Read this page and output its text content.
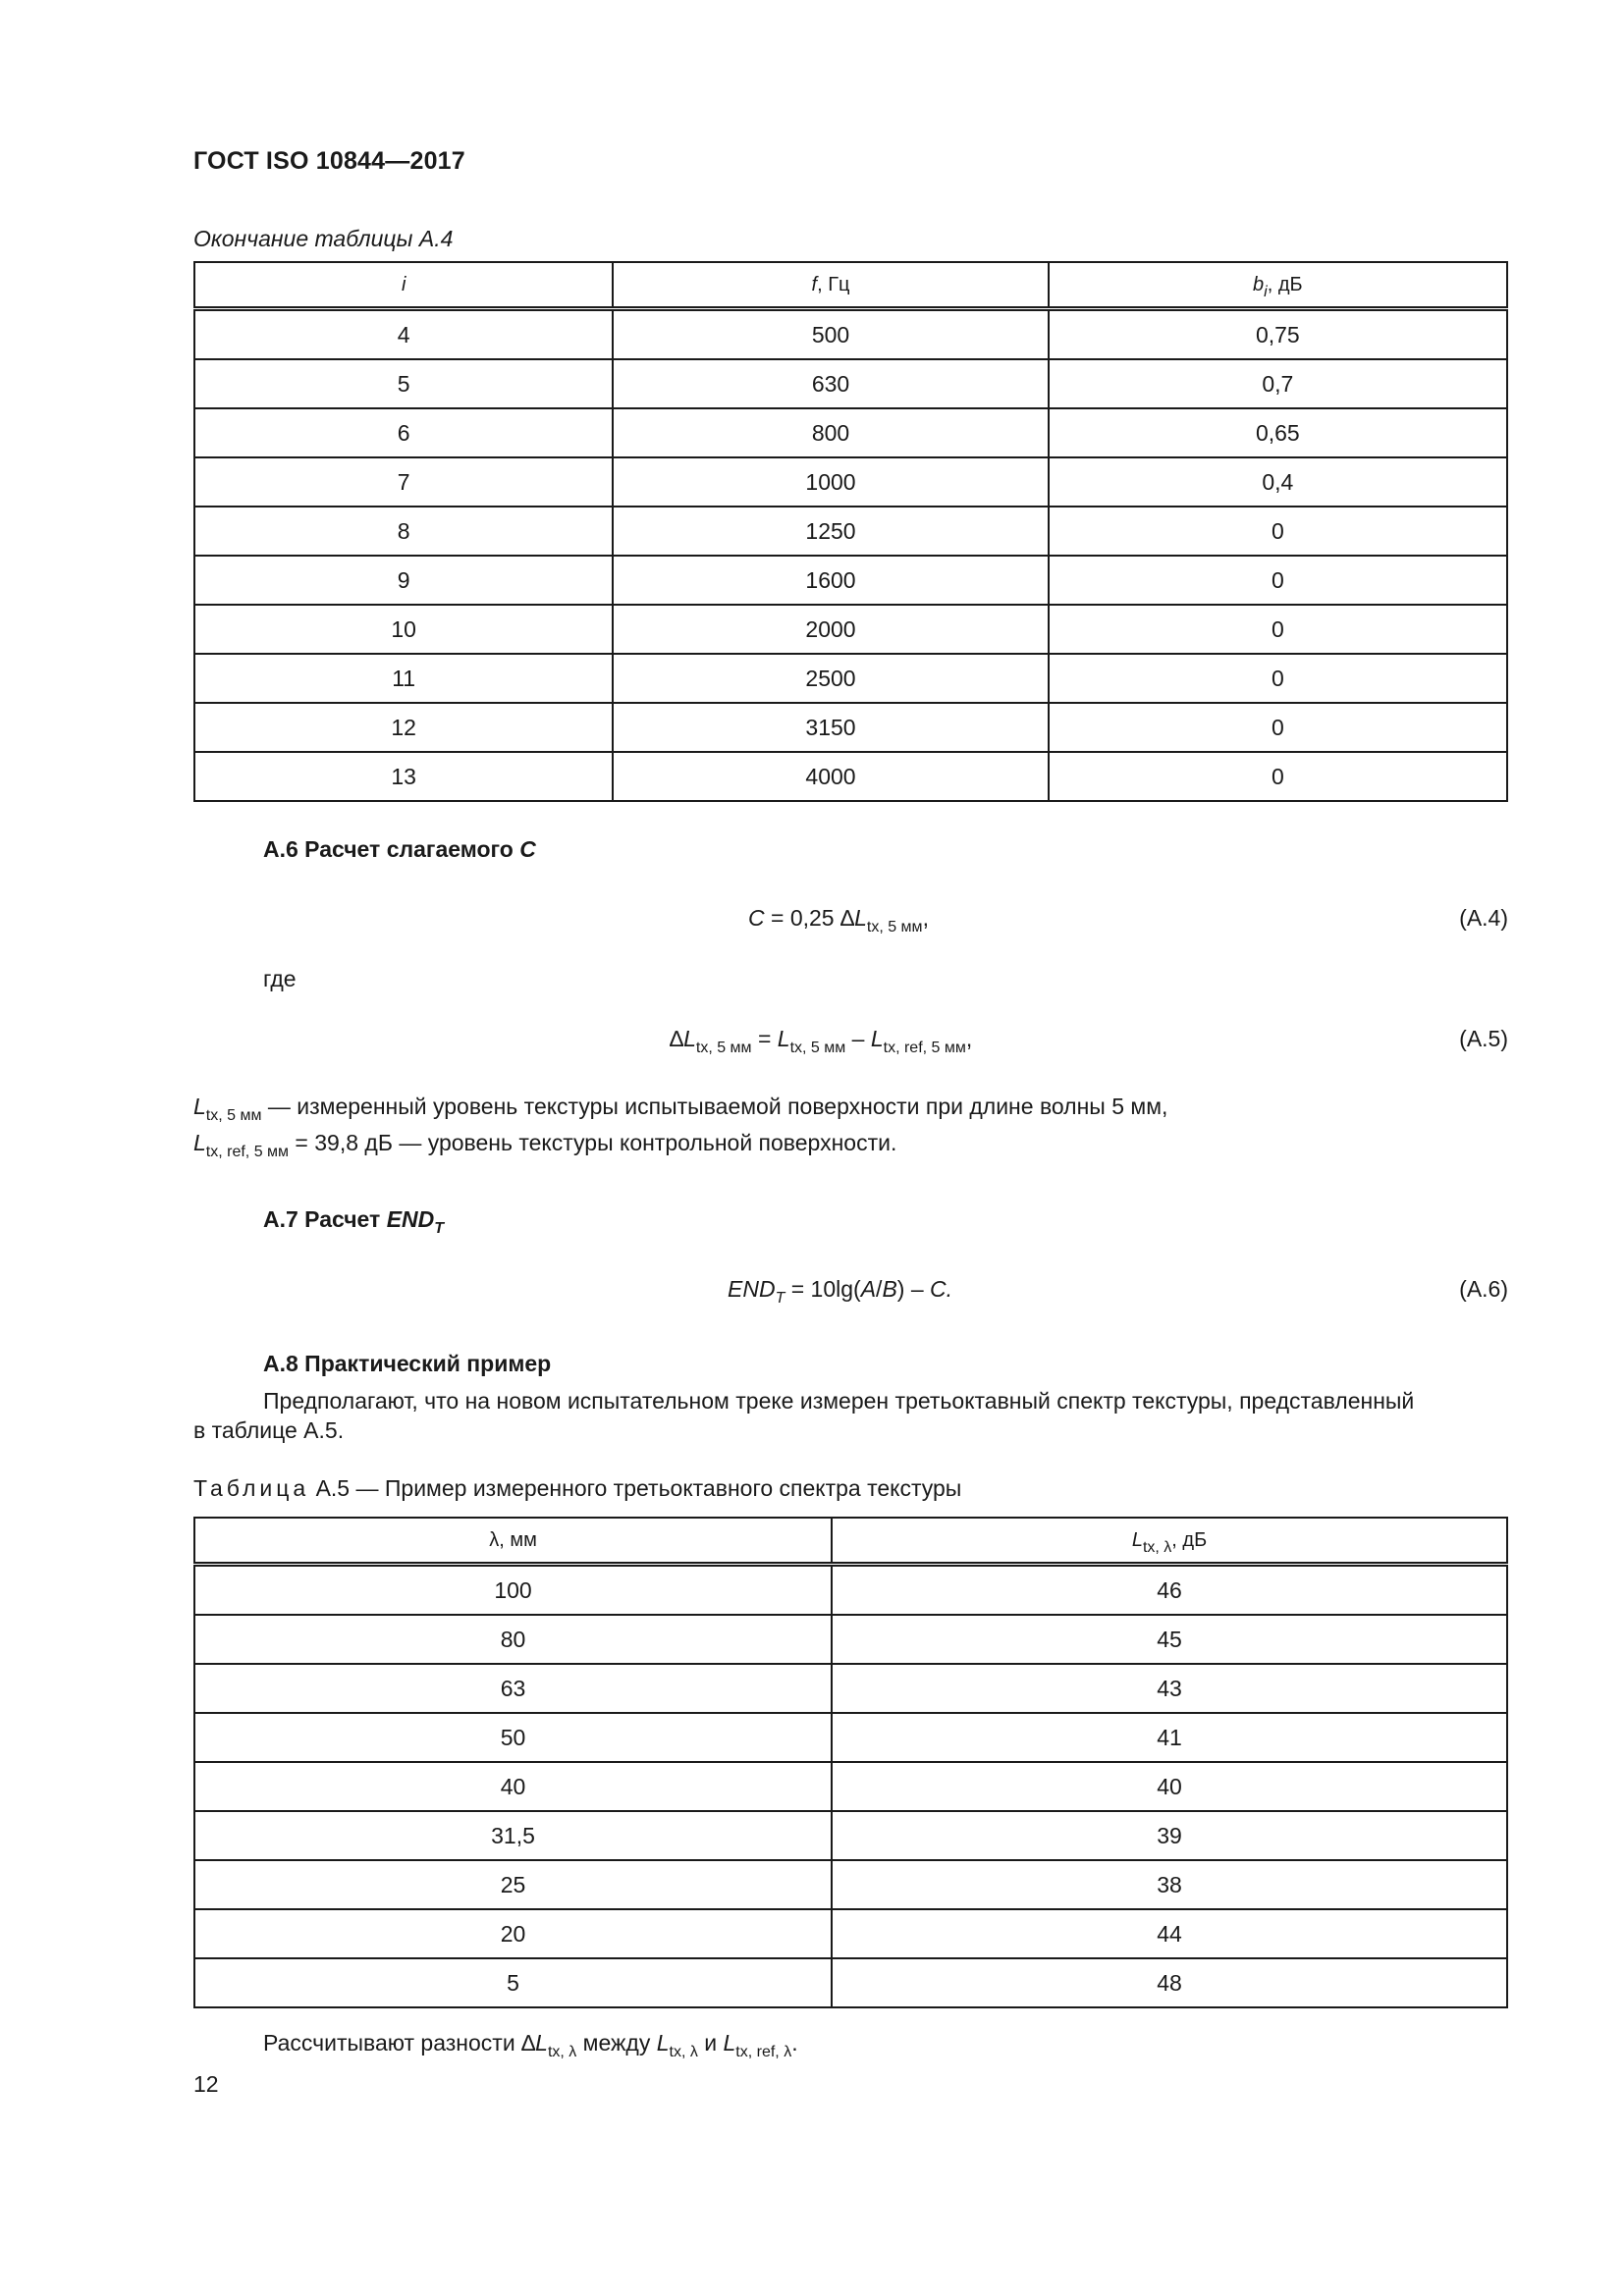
ГОСТ ISO 10844—2017
Окончание таблицы А.4
i	f, Гц	$b_i$, дБ
4	500	0,75
5	630	0,7
6	800	0,65
7	1000	0,4
8	1250	0
9	1600	0
10	2000	0
11	2500	0
12	3150	0
13	4000	0
А.6 Расчет слагаемого C
C = 0,25 $\Delta L_{tx, 5 мм}$,	(А.4)
где
$\Delta L_{tx, 5 мм} = L_{tx, 5 мм} - L_{tx, ref, 5 мм}$,	(А.5)
$L_{tx, 5 мм}$ — измеренный уровень текстуры испытываемой поверхности при длине волны 5 мм,
$L_{tx, ref, 5 мм} = 39,8$ дБ — уровень текстуры контрольной поверхности.
А.7 Расчет $END_T$
$END_T = 10\lg(A/B) - C$.	(А.6)
А.8 Практический пример
Предполагают, что на новом испытательном треке измерен третьоктавный спектр текстуры, представленный
в таблице А.5.
Таблица А.5 — Пример измеренного третьоктавного спектра текстуры
λ, мм	$L_{tx, \lambda}$, дБ
100	46
80	45
63	43
50	41
40	40
31,5	39
25	38
20	44
5	48
Рассчитывают разности $\Delta L_{tx, \lambda}$ между $L_{tx, \lambda}$ и $L_{tx, ref, \lambda}$.
12
